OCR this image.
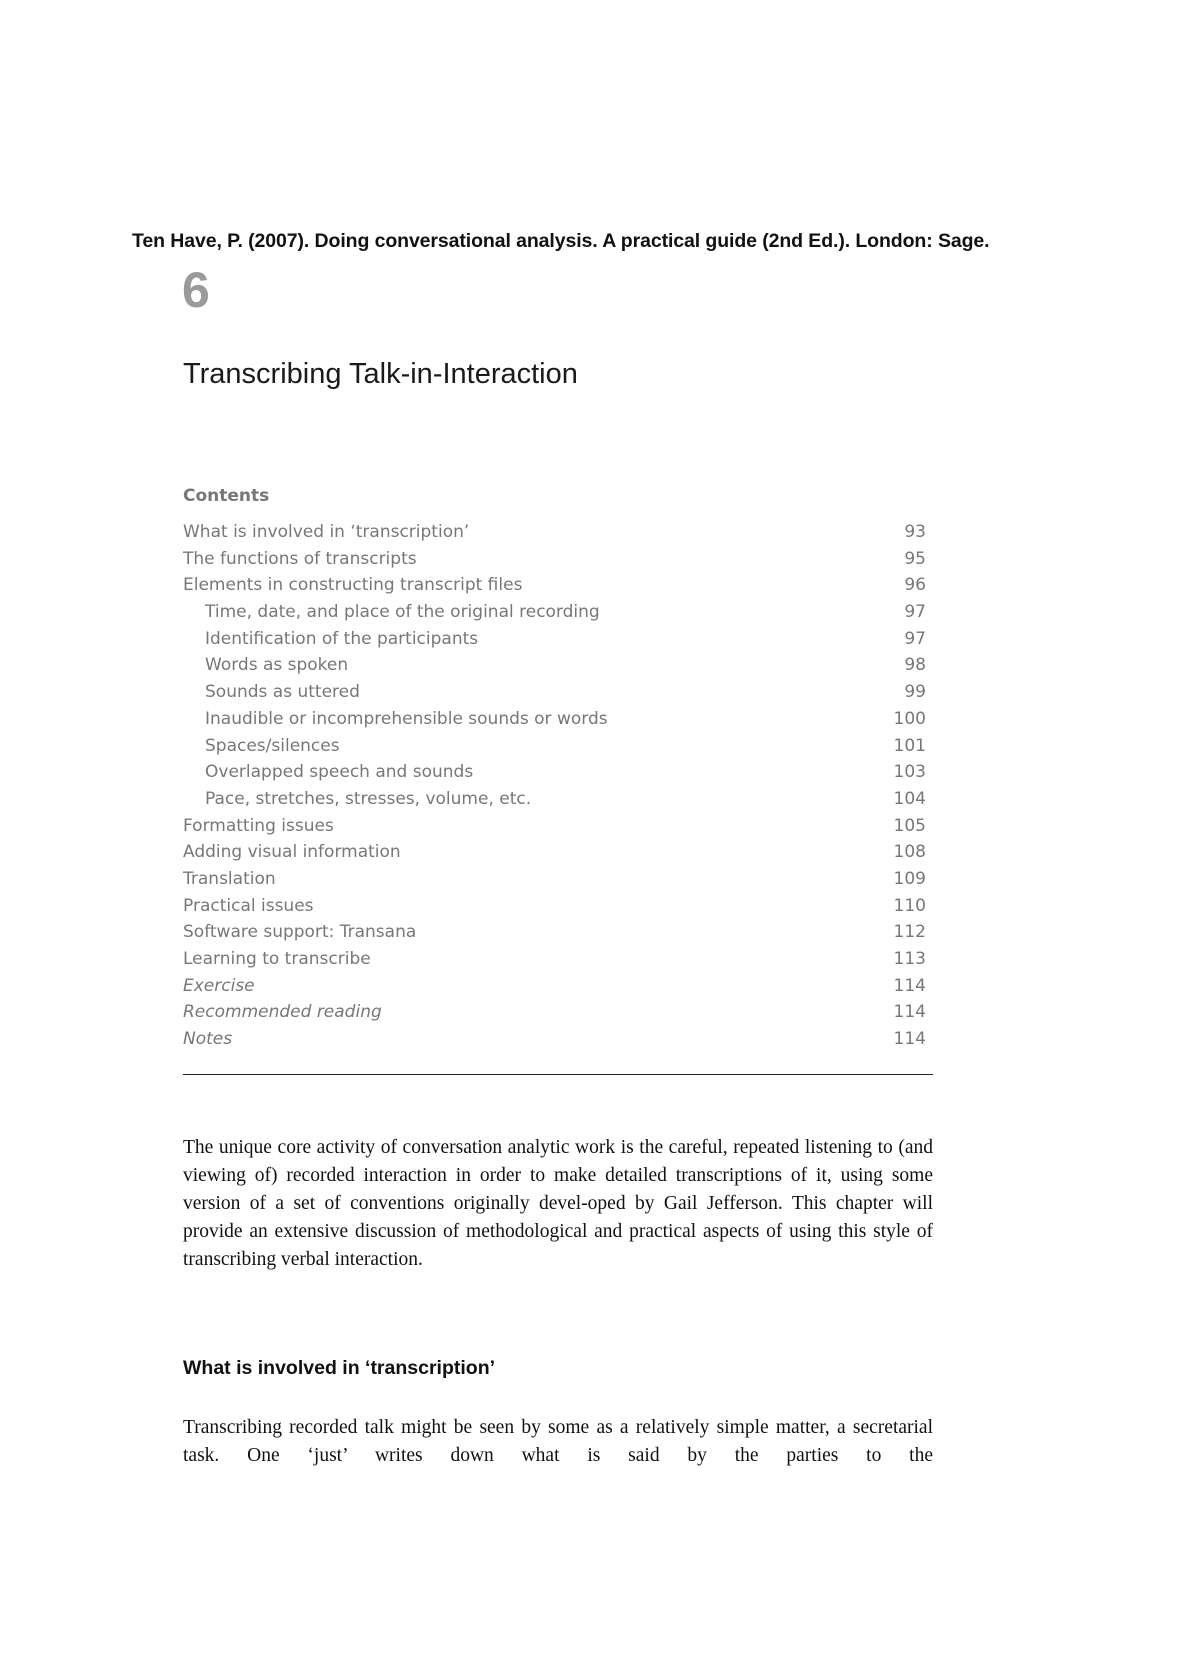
Ten Have, P. (2007). Doing conversational analysis. A practical guide (2nd Ed.). London: Sage.
6
Transcribing Talk-in-Interaction
Contents
What is involved in ‘transcription’	93
The functions of transcripts	95
Elements in constructing transcript files	96
Time, date, and place of the original recording	97
Identification of the participants	97
Words as spoken	98
Sounds as uttered	99
Inaudible or incomprehensible sounds or words	100
Spaces/silences	101
Overlapped speech and sounds	103
Pace, stretches, stresses, volume, etc.	104
Formatting issues	105
Adding visual information	108
Translation	109
Practical issues	110
Software support: Transana	112
Learning to transcribe	113
Exercise	114
Recommended reading	114
Notes	114

The unique core activity of conversation analytic work is the careful, repeated listening to (and viewing of) recorded interaction in order to make detailed transcriptions of it, using some version of a set of conventions originally devel-oped by Gail Jefferson. This chapter will provide an extensive discussion of methodological and practical aspects of using this style of transcribing verbal interaction.

What is involved in ‘transcription’

Transcribing recorded talk might be seen by some as a relatively simple matter, a secretarial task. One ‘just’ writes down what is said by the parties to the
